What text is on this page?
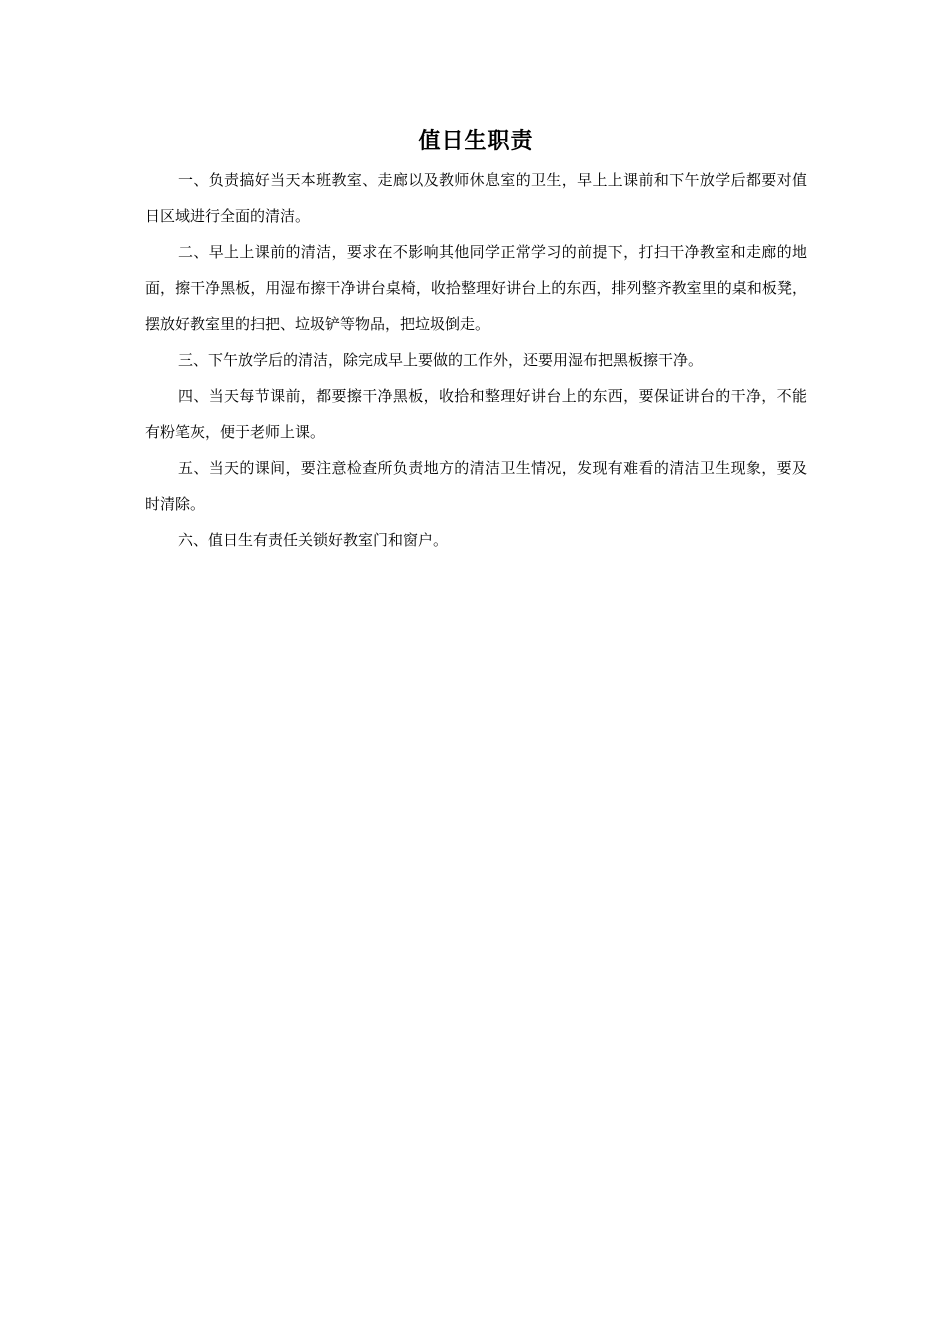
值日生职责

一、负责搞好当天本班教室、走廊以及教师休息室的卫生，早上上课前和下午放学后都要对值日区域进行全面的清洁。

二、早上上课前的清洁，要求在不影响其他同学正常学习的前提下，打扫干净教室和走廊的地面，擦干净黑板，用湿布擦干净讲台桌椅，收拾整理好讲台上的东西，排列整齐教室里的桌和板凳，摆放好教室里的扫把、垃圾铲等物品，把垃圾倒走。

三、下午放学后的清洁，除完成早上要做的工作外，还要用湿布把黑板擦干净。

四、当天每节课前，都要擦干净黑板，收拾和整理好讲台上的东西，要保证讲台的干净，不能有粉笔灰，便于老师上课。

五、当天的课间，要注意检查所负责地方的清洁卫生情况，发现有难看的清洁卫生现象，要及时清除。

六、值日生有责任关锁好教室门和窗户。
